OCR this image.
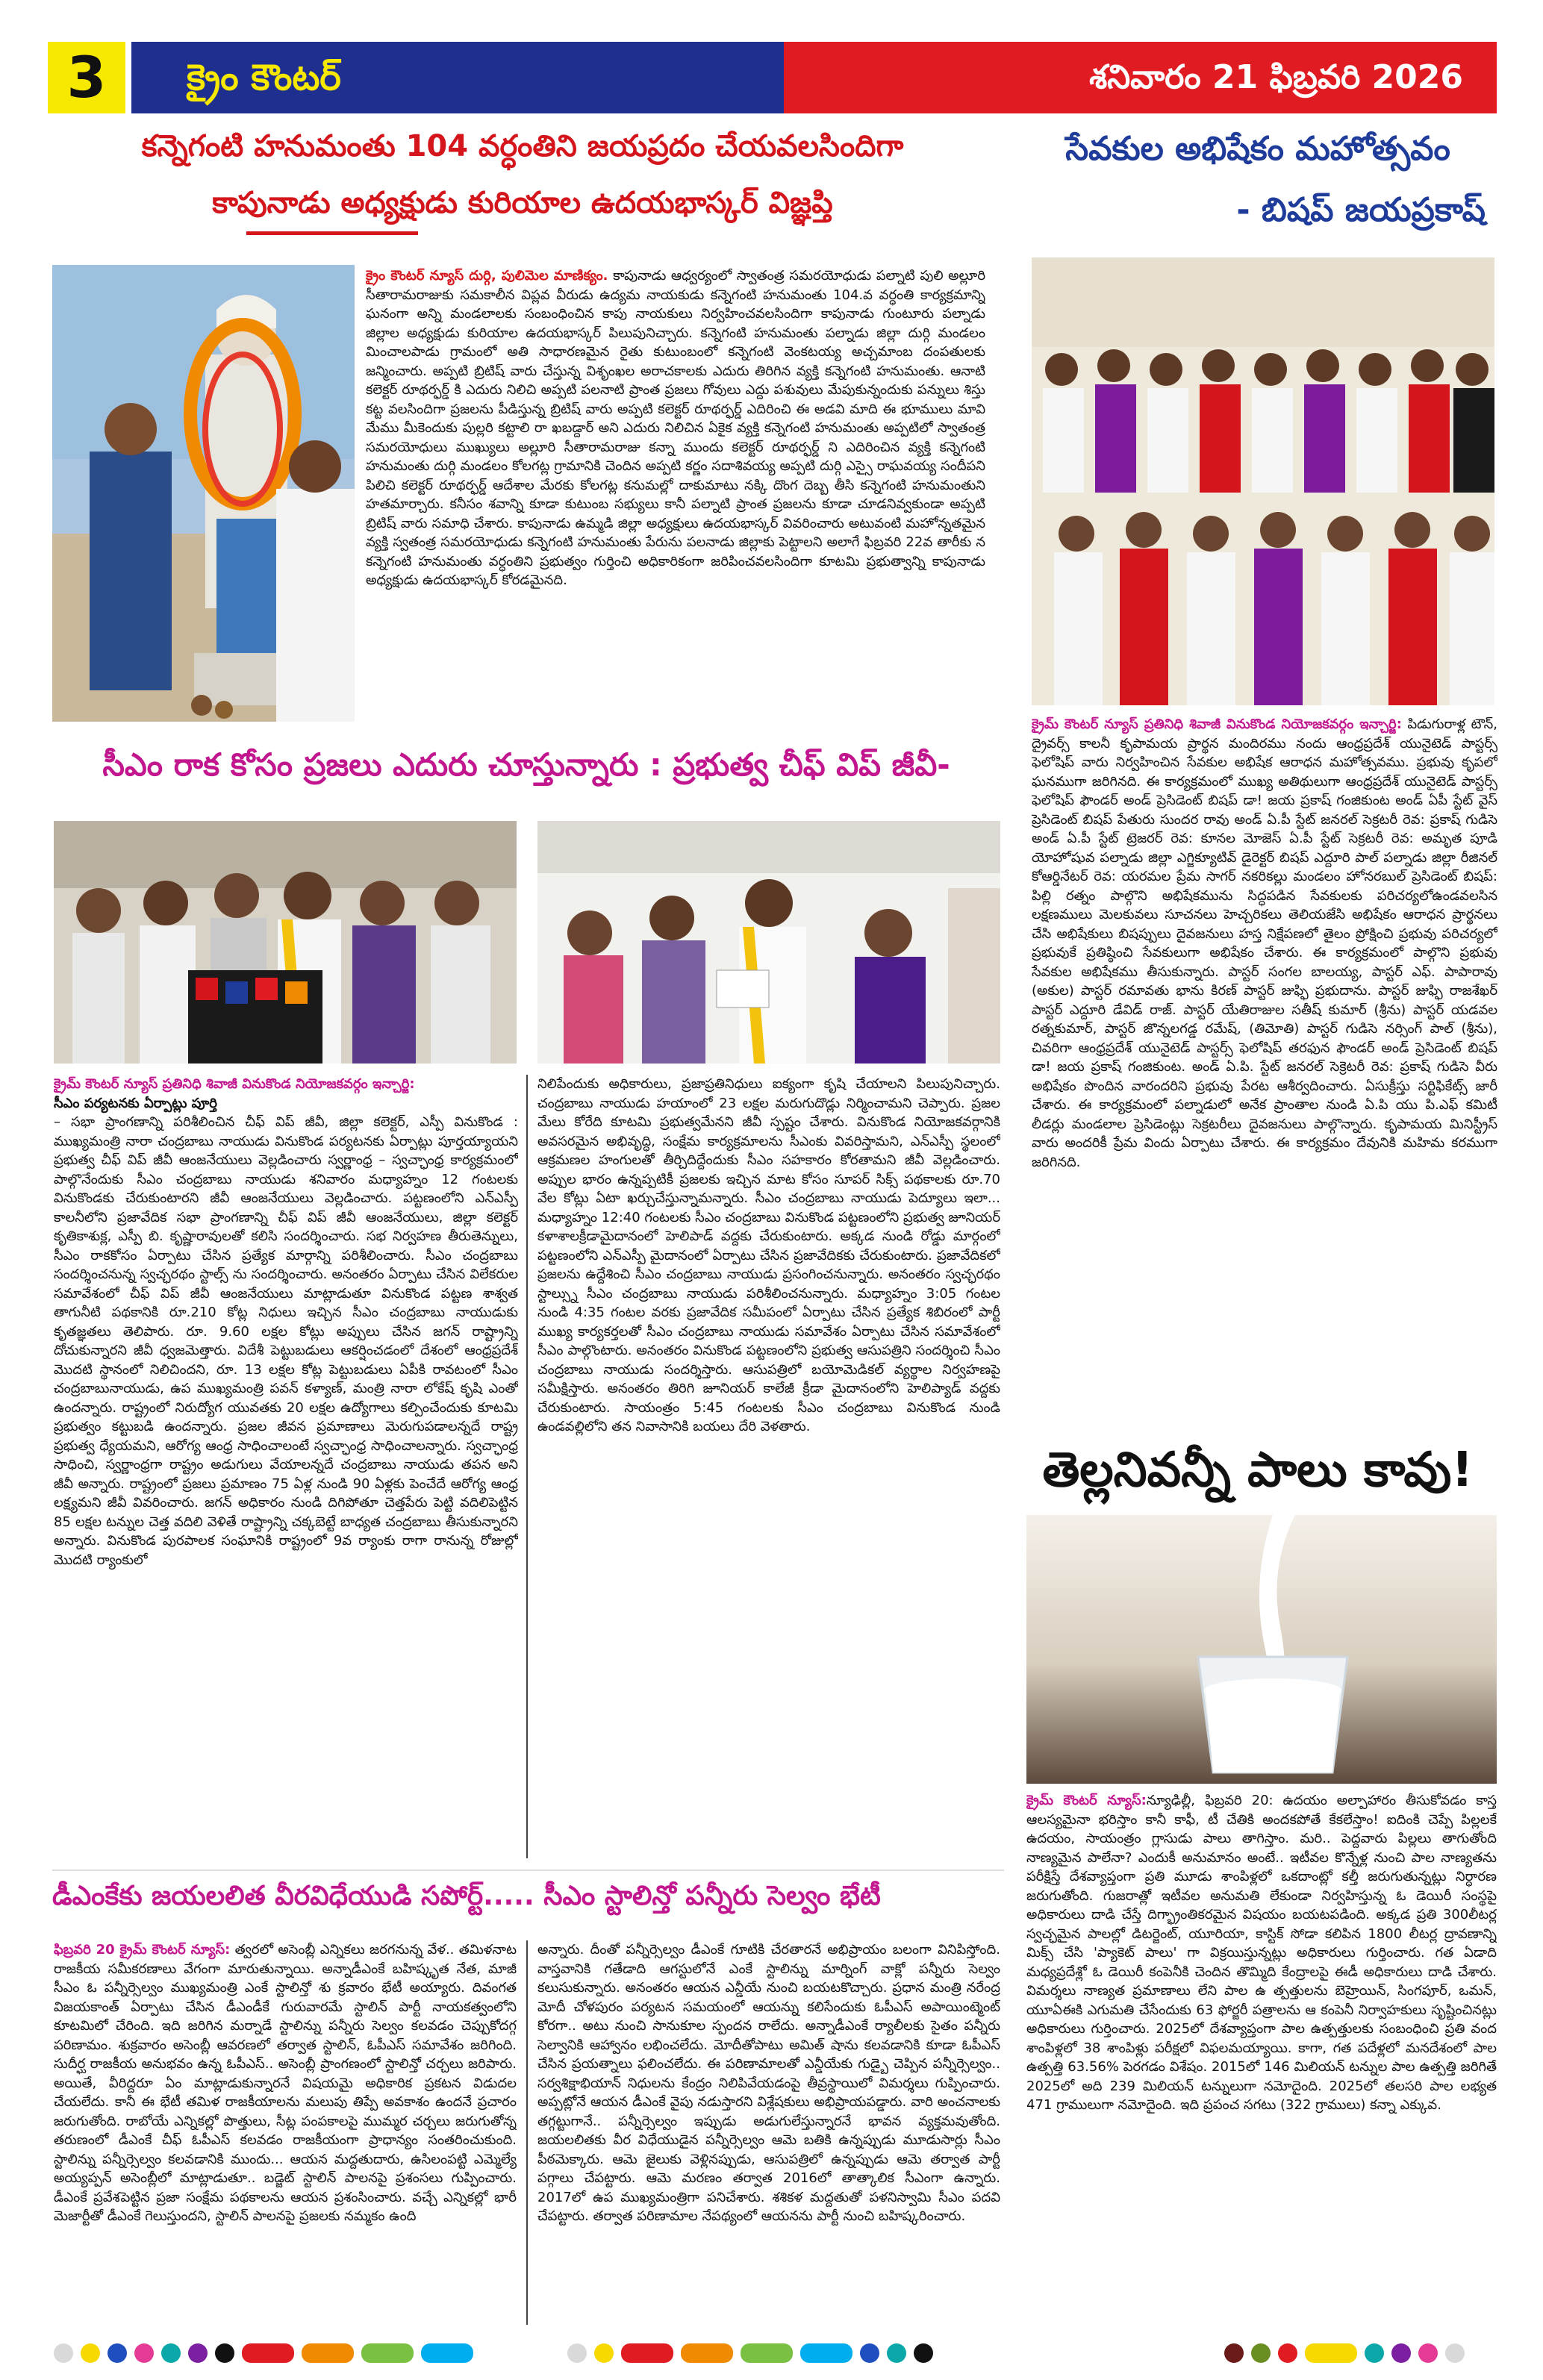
3	క్రైం కౌంటర్	శనివారం 21 ఫిబ్రవరి 2026
కన్నెగంటి హనుమంతు 104 వర్ధంతిని జయప్రదం చేయవలసిందిగా
కాపునాడు అధ్యక్షుడు కురియాల ఉదయభాస్కర్ విజ్ఞప్తి
క్రైం కౌంటర్ న్యూస్ దుర్గి, పులిమెల మాణిక్యం. కాపునాడు ఆధ్వర్యంలో స్వాతంత్ర సమరయోధుడు పల్నాటి పులి అల్లూరి సీతారామరాజుకు సమకాలీన విప్లవ వీరుడు ఉద్యమ నాయకుడు కన్నెగంటి హనుమంతు 104.వ వర్ధంతి కార్యక్రమాన్ని ఘనంగా అన్ని మండలాలకు సంబంధించిన కాపు నాయకులు నిర్వహించవలసిందిగా కాపునాడు గుంటూరు పల్నాడు జిల్లాల అధ్యక్షుడు కురియాల ఉదయభాస్కర్ పిలుపునిచ్చారు. కన్నెగంటి హనుమంతు పల్నాడు జిల్లా దుర్గి మండలం మించాలపాడు గ్రామంలో అతి సాధారణమైన రైతు కుటుంబంలో కన్నెగంటి వెంకటయ్య అచ్చమాంబ దంపతులకు జన్మించారు. అప్పటి బ్రిటిష్ వారు చేస్తున్న విశృంఖల అరాచకాలకు ఎదురు తిరిగిన వ్యక్తి కన్నెగంటి హనుమంతు. ఆనాటి కలెక్టర్ రూథర్ఫర్డ్ కి ఎదురు నిలిచి అప్పటి పలనాటి ప్రాంత ప్రజలు గోవులు ఎద్దు పశువులు మేపుకున్నందుకు పన్నులు శిస్తు కట్ట వలసిందిగా ప్రజలను పీడిస్తున్న బ్రిటిష్ వారు అప్పటి కలెక్టర్ రూథర్ఫర్డ్ ఎదిరించి ఈ అడవి మాది ఈ భూములు మావి మేము మీకెందుకు పుల్లరి కట్టాలి రా ఖబడ్దార్ అని ఎదురు నిలిచిన ఏకైక వ్యక్తి కన్నెగంటి హనుమంతు అప్పటిలో స్వాతంత్ర సమరయోధులు ముఖ్యులు అల్లూరి సీతారామరాజు కన్నా ముందు కలెక్టర్ రూథర్ఫర్డ్ ని ఎదిరించిన వ్యక్తి కన్నెగంటి హనుమంతు దుర్గి మండలం కోలగట్ల గ్రామానికి చెందిన అప్పటి కర్ణం సదాశివయ్య అప్పటి దుర్గి ఎస్సై రాఘవయ్య సందీపని పిలిచి కలెక్టర్ రూథర్ఫర్డ్ ఆదేశాల మేరకు కోలగట్ల కనుమల్లో దాకుమాటు నక్కి దొంగ దెబ్బ తీసి కన్నెగంటి హనుమంతుని హతమార్చారు. కనీసం శవాన్ని కూడా కుటుంబ సభ్యులు కానీ పల్నాటి ప్రాంత ప్రజలను కూడా చూడనివ్వకుండా అప్పటి బ్రిటిష్ వారు సమాధి చేశారు. కాపునాడు ఉమ్మడి జిల్లా అధ్యక్షులు ఉదయభాస్కర్ వివరించారు అటువంటి మహోన్నతమైన వ్యక్తి స్వతంత్ర సమరయోధుడు కన్నెగంటి హనుమంతు పేరును పలనాడు జిల్లాకు పెట్టాలని అలాగే ఫిబ్రవరి 22వ తారీకు న కన్నెగంటి హనుమంతు వర్ధంతిని ప్రభుత్వం గుర్తించి అధికారికంగా జరిపించవలసిందిగా కూటమి ప్రభుత్వాన్ని కాపునాడు అధ్యక్షుడు ఉదయభాస్కర్ కోరడమైనది.
సీఎం రాక కోసం ప్రజలు ఎదురు చూస్తున్నారు : ప్రభుత్వ చీఫ్ విప్ జీవీ-
క్రైమ్ కౌంటర్ న్యూస్ ప్రతినిధి శివాజీ వినుకొండ నియోజకవర్గం ఇన్చార్జి:
సీఎం పర్యటనకు ఏర్పాట్లు పూర్తి
– సభా ప్రాంగణాన్ని పరిశీలించిన చీఫ్ విప్ జీవీ, జిల్లా కలెక్టర్, ఎస్పీ వినుకొండ : ముఖ్యమంత్రి నారా చంద్రబాబు నాయుడు వినుకొండ పర్యటనకు ఏర్పాట్లు పూర్తయ్యాయని ప్రభుత్వ చీఫ్ విప్ జీవీ ఆంజనేయులు వెల్లడించారు స్వర్ణాంధ్ర – స్వచ్ఛాంధ్ర కార్యక్రమంలో పాల్గొనేందుకు సీఎం చంద్రబాబు నాయుడు శనివారం మధ్యాహ్నం 12 గంటలకు వినుకొండకు చేరుకుంటారని జీవీ ఆంజనేయులు వెల్లడించారు. పట్టణంలోని ఎన్ఎస్పీ కాలనీలోని ప్రజావేదిక సభా ప్రాంగణాన్ని చీఫ్ విప్ జీవీ ఆంజనేయులు, జిల్లా కలెక్టర్ కృతికాశుక్ల, ఎస్పీ బి. కృష్ణారావులతో కలిసి సందర్శించారు. సభ నిర్వహణ తీరుతెన్నులు, సీఎం రాకకోసం ఏర్పాటు చేసిన ప్రత్యేక మార్గాన్ని పరిశీలించారు. సీఎం చంద్రబాబు సందర్శించనున్న స్వచ్ఛరథం స్టాల్స్ ను సందర్శించారు. అనంతరం ఏర్పాటు చేసిన విలేకరుల సమావేశంలో చీఫ్ విప్ జీవీ ఆంజనేయులు మాట్లాడుతూ వినుకొండ పట్టణ శాశ్వత తాగునీటి పథకానికి రూ.210 కోట్ల నిధులు ఇచ్చిన సీఎం చంద్రబాబు నాయుడుకు కృతజ్ఞతలు తెలిపారు. రూ. 9.60 లక్షల కోట్లు అప్పులు చేసిన జగన్ రాష్ట్రాన్ని దోచుకున్నారని జీవీ ధ్వజమెత్తారు. విదేశీ పెట్టుబడులు ఆకర్షించడంలో దేశంలో ఆంధ్రప్రదేశ్ మొదటి స్థానంలో నిలిచిందని, రూ. 13 లక్షల కోట్ల పెట్టుబడులు ఏపీకి రావటంలో సీఎం చంద్రబాబునాయుడు, ఉప ముఖ్యమంత్రి పవన్ కళ్యాణ్, మంత్రి నారా లోకేష్ కృషి ఎంతో ఉందన్నారు. రాష్ట్రంలో నిరుద్యోగ యువతకు 20 లక్షల ఉద్యోగాలు కల్పించేందుకు కూటమి ప్రభుత్వం కట్టుబడి ఉందన్నారు. ప్రజల జీవన ప్రమాణాలు మెరుగుపడాలన్నదే రాష్ట్ర ప్రభుత్వ ధ్యేయమని, ఆరోగ్య ఆంధ్ర సాధించాలంటే స్వచ్ఛాంధ్ర సాధించాలన్నారు. స్వచ్ఛాంధ్ర సాధించి, స్వర్ణాంధ్రగా రాష్ట్రం అడుగులు వేయాలన్నదే చంద్రబాబు నాయుడు తపన అని జీవీ అన్నారు. రాష్ట్రంలో ప్రజలు ప్రమాణం 75 ఏళ్ల నుండి 90 ఏళ్లకు పెంచేదే ఆరోగ్య ఆంధ్ర లక్ష్యమని జీవీ వివరించారు. జగన్ అధికారం నుండి దిగిపోతూ చెత్తపేరు పెట్టి వదిలిపెట్టిన 85 లక్షల టన్నుల చెత్త వదిలి వెళితే రాష్ట్రాన్ని చక్కబెట్టే బాధ్యత చంద్రబాబు తీసుకున్నారని అన్నారు. వినుకొండ పురపాలక సంఘానికి రాష్ట్రంలో 9వ ర్యాంకు రాగా రానున్న రోజుల్లో మొదటి ర్యాంకులో
నిలిపేందుకు అధికారులు, ప్రజాప్రతినిధులు ఐక్యంగా కృషి చేయాలని పిలుపునిచ్చారు. చంద్రబాబు నాయుడు హయాంలో 23 లక్షల మరుగుదొడ్లు నిర్మించామని చెప్పారు. ప్రజల మేలు కోరేది కూటమి ప్రభుత్వమేనని జీవీ స్పష్టం చేశారు. వినుకొండ నియోజకవర్గానికి అవసరమైన అభివృద్ధి, సంక్షేమ కార్యక్రమాలను సీఎంకు వివరిస్తామని, ఎన్ఎస్పీ స్థలంలో ఆక్రమణల హంగులతో తీర్చిదిద్దేందుకు సీఎం సహకారం కోరతామని జీవీ వెల్లడించారు. అప్పుల భారం ఉన్నప్పటికీ ప్రజలకు ఇచ్చిన మాట కోసం సూపర్ సిక్స్ పథకాలకు రూ.70 వేల కోట్లు ఏటా ఖర్చుచేస్తున్నామన్నారు. సీఎం చంద్రబాబు నాయుడు పెద్యూలు ఇలా... మధ్యాహ్నం 12:40 గంటలకు సీఎం చంద్రబాబు వినుకొండ పట్టణంలోని ప్రభుత్వ జూనియర్ కళాశాలక్రీడామైదానంలో హెలిపాడ్ వద్దకు చేరుకుంటారు. అక్కడ నుండి రోడ్డు మార్గంలో పట్టణంలోని ఎన్ఎస్పీ మైదానంలో ఏర్పాటు చేసిన ప్రజావేదికకు చేరుకుంటారు. ప్రజావేదికలో ప్రజలను ఉద్దేశించి సీఎం చంద్రబాబు నాయుడు ప్రసంగించనున్నారు. అనంతరం స్వచ్ఛరథం స్టాల్స్ను సీఎం చంద్రబాబు నాయుడు పరిశీలించనున్నారు. మధ్యాహ్నం 3:05 గంటల నుండి 4:35 గంటల వరకు ప్రజావేదిక సమీపంలో ఏర్పాటు చేసిన ప్రత్యేక శిబిరంలో పార్టీ ముఖ్య కార్యకర్తలతో సీఎం చంద్రబాబు నాయుడు సమావేశం ఏర్పాటు చేసిన సమావేశంలో సీఎం పాల్గొంటారు. అనంతరం వినుకొండ పట్టణంలోని ప్రభుత్వ ఆసుపత్రిని సందర్శించి సీఎం చంద్రబాబు నాయుడు సందర్శిస్తారు. ఆసుపత్రిలో బయోమెడికల్ వ్యర్థాల నిర్వహణపై సమీక్షిస్తారు. అనంతరం తిరిగి జూనియర్ కాలేజీ క్రీడా మైదానంలోని హెలిప్యాడ్ వద్దకు చేరుకుంటారు. సాయంత్రం 5:45 గంటలకు సీఎం చంద్రబాబు వినుకొండ నుండి ఉండవల్లిలోని తన నివాసానికి బయలు దేరి వెళతారు.
సేవకుల అభిషేకం మహోత్సవం
- బిషప్ జయప్రకాష్
క్రైమ్ కౌంటర్ న్యూస్ ప్రతినిధి శివాజీ వినుకొండ నియోజకవర్గం ఇన్చార్జి: పిడుగురాళ్ల టౌన్, ద్రైవర్స్ కాలనీ కృపామయ ప్రార్థన మందిరము నందు ఆంధ్రప్రదేశ్ యునైటెడ్ పాస్టర్స్ ఫెలోషిప్ వారు నిర్వహించిన సేవకుల అభిషేక ఆరాధన మహోత్సవము. ప్రభువు కృపలో ఘనముగా జరిగినది. ఈ కార్యక్రమంలో ముఖ్య అతిథులుగా ఆంధ్రప్రదేశ్ యునైటెడ్ పాస్టర్స్ ఫెలోషిప్ ఫౌండర్ అండ్ ప్రెసిడెంట్ బిషప్ డా! జయ ప్రకాష్ గంజికుంట అండ్ ఏపీ స్టేట్ వైస్ ప్రెసిడెంట్ బిషప్ పేతురు సుందర రావు అండ్ ఏ.పీ స్టేట్ జనరల్ సెక్రటరీ రెవ: ప్రకాష్ గుడిసె అండ్ ఏ.పీ స్టేట్ ట్రెజరర్ రెవ: కూనల మోజెస్ ఏ.పీ స్టేట్ సెక్రటరీ రెవ: అమృత పూడి యోహోషువ పల్నాడు జిల్లా ఎగ్జిక్యూటివ్ డైరెక్టర్ బిషప్ ఎద్దూరి పాల్ పల్నాడు జిల్లా రీజినల్ కోఆర్డినేటర్ రెవ: యరమల ప్రేమ సాగర్ నకరికల్లు మండలం హోనరబుల్ ప్రెసిడెంట్ బిషప్: పిల్లి రత్నం పాల్గొని అభిషేకమును సిద్ధపడిన సేవకులకు పరిచర్యలోఉండవలసిన లక్షణములు మెలకువలు సూచనలు హెచ్చరికలు తెలియజేసి అభిషేకం ఆరాధన ప్రార్థనలు చేసి అభిషేకులు బిషప్పులు దైవజనులు హస్త నిక్షేపణలో తైలం ప్రోక్షించి ప్రభువు పరిచర్యలో ప్రభువుకే ప్రతిష్ఠించి సేవకులుగా అభిషేకం చేశారు. ఈ కార్యక్రమంలో పాల్గొని ప్రభువు సేవకుల అభిషేకము తీసుకున్నారు. పాస్టర్ సంగల బాలయ్య, పాస్టర్ ఎఫ్. పాపారావు (అకుల) పాస్టర్ రమావతు భాను కిరణ్ పాస్టర్ జుఫ్ఫి ప్రభుదాను. పాస్టర్ జుఫ్ఫి రాజశేఖర్ పాస్టర్ ఎద్దూరి డేవిడ్ రాజ్. పాస్టర్ యేతిరాజుల సతీష్ కుమార్ (శ్రీను) పాస్టర్ యడవల రత్నకుమార్, పాస్టర్ జొన్నలగడ్డ రమేష్, (తిమోతి) పాస్టర్ గుడిసె నర్సింగ్ పాల్ (శ్రీను), చివరిగా ఆంధ్రప్రదేశ్ యునైటెడ్ పాస్టర్స్ ఫెలోషిప్ తరఫున ఫౌండర్ అండ్ ప్రెసిడెంట్ బిషప్ డా! జయ ప్రకాష్ గంజికుంట. అండ్ ఏ.పి. స్టేట్ జనరల్ సెక్రెటరీ రెవ: ప్రకాష్ గుడిసె వీరు అభిషేకం పొందిన వారందరిని ప్రభువు పేరట ఆశీర్వదించారు. ఏసుక్రీస్తు సర్టిఫికేట్స్ జారీ చేశారు. ఈ కార్యక్రమంలో పల్నాడులో అనేక ప్రాంతాల నుండి ఏ.పి యు పి.ఎఫ్ కమిటీ లీడర్లు మండలాల ప్రెసిడెంట్లు సెక్రటరీలు దైవజనులు పాల్గొన్నారు. కృపామయ మినిస్ట్రీస్ వారు అందరికీ ప్రేమ విందు ఏర్పాటు చేశారు. ఈ కార్యక్రమం దేవునికి మహిమ కరముగా జరిగినది.
తెల్లనివన్నీ పాలు కావు!
క్రైమ్ కౌంటర్ న్యూస్:న్యూఢిల్లీ, ఫిబ్రవరి 20: ఉదయం అల్పాహారం తీసుకోవడం కాస్త ఆలస్యమైనా భరిస్తాం కానీ కాఫీ, టీ చేతికి అందకపోతే కేకలేస్తాం! ఐదింకి చెప్పే పిల్లలకే ఉదయం, సాయంత్రం గ్లాసుడు పాలు తాగిస్తాం. మరి.. పెద్దవారు పిల్లలు తాగుతోంది నాణ్యమైన పాలేనా? ఎందుకీ అనుమానం అంటే.. ఇటీవల కొన్నేళ్ల నుంచి పాల నాణ్యతను పరీక్షిస్తే దేశవ్యాప్తంగా ప్రతి మూడు శాంపిళ్లలో ఒకదాంట్లో కల్తీ జరుగుతున్నట్లు నిర్ధారణ జరుగుతోంది. గుజరాత్లో ఇటీవల అనుమతి లేకుండా నిర్వహిస్తున్న ఓ డెయిరీ సంస్థపై అధికారులు దాడి చేస్తే దిగ్భ్రాంతికరమైన విషయం బయటపడింది. అక్కడ ప్రతి 300లీటర్ల స్వచ్ఛమైన పాలల్లో డిటర్జెంట్, యూరియా, కాస్టిక్ సోడా కలిపిన 1800 లీటర్ల ద్రావణాన్ని మిక్స్ చేసి 'ప్యాకెట్ పాలు' గా విక్రయిస్తున్నట్లు అధికారులు గుర్తించారు. గత ఏడాది మధ్యప్రదేశ్లో ఓ డెయిరీ కంపెనీకి చెందిన తొమ్మిది కేంద్రాలపై ఈడీ అధికారులు దాడి చేశారు. విమర్శలు నాణ్యత ప్రమాణాలు లేని పాల ఉ త్పత్తులను బెహ్రెయిన్, సింగపూర్, ఒమన్, యూఏఈకి ఎగుమతి చేసేందుకు 63 ఫోర్జరీ పత్రాలను ఆ కంపెనీ నిర్వాహకులు సృష్టించినట్లు అధికారులు గుర్తించారు. 2025లో దేశవ్యాప్తంగా పాల ఉత్పత్తులకు సంబంధించి ప్రతి వంద శాంపిళ్లలో 38 శాంపిళ్లు పరీక్షలో విఫలమయ్యాయి. కాగా, గత పదేళ్లలో మనదేశంలో పాల ఉత్పత్తి 63.56% పెరగడం విశేషం. 2015లో 146 మిలియన్ టన్నుల పాల ఉత్పత్తి జరిగితే 2025లో అది 239 మిలియన్ టన్నులుగా నమోదైంది. 2025లో తలసరి పాల లభ్యత 471 గ్రాములుగా నమోదైంది. ఇది ప్రపంచ సగటు (322 గ్రాములు) కన్నా ఎక్కువ.
డీఎంకేకు జయలలిత వీరవిధేయుడి సపోర్ట్..... సీఎం స్టాలిన్తో పన్నీరు సెల్వం భేటీ
ఫిబ్రవరి 20 క్రైమ్ కౌంటర్ న్యూస్: త్వరలో అసెంబ్లీ ఎన్నికలు జరగనున్న వేళ.. తమిళనాట రాజకీయ సమీకరణాలు వేగంగా మారుతున్నాయి. అన్నాడీఎంకే బహిష్కృత నేత, మాజీ సీఎం ఓ పన్నీర్సెల్వం ముఖ్యమంత్రి ఎంకే స్టాలిన్తో శు క్రవారం భేటీ అయ్యారు. దివంగత విజయకాంత్ ఏర్పాటు చేసిన డీఎండీకే గురువారమే స్టాలిన్ పార్టీ నాయకత్వంలోని కూటమిలో చేరింది. ఇది జరిగిన మర్నాడే స్టాలిన్ను పన్నీరు సెల్వం కలవడం చెప్పుకోదగ్గ పరిణామం. శుక్రవారం అసెంబ్లీ ఆవరణలో తర్వాత స్టాలిన్, ఓపీఎస్ సమావేశం జరిగింది. సుదీర్ఘ రాజకీయ అనుభవం ఉన్న ఓపీఎస్.. అసెంబ్లీ ప్రాంగణంలో స్టాలిన్తో చర్చలు జరిపారు. అయితే, వీరిద్దరూ ఏం మాట్లాడుకున్నారనే విషయమై అధికారిక ప్రకటన విడుదల చేయలేదు. కానీ ఈ భేటీ తమిళ రాజకీయాలను మలుపు తిప్పే అవకాశం ఉందనే ప్రచారం జరుగుతోంది. రాబోయే ఎన్నికల్లో పొత్తులు, సీట్ల పంపకాలపై ముమ్మర చర్చలు జరుగుతోన్న తరుణంలో డీఎంకే చీఫ్ ఓపీఎస్ కలవడం రాజకీయంగా ప్రాధాన్యం సంతరించుకుంది. స్టాలిన్ను పన్నీర్సెల్వం కలవడానికి ముందు... ఆయన మద్దతుదారు, ఉసిలంపట్టి ఎమ్మెల్యే అయ్యప్పన్ అసెంబ్లీలో మాట్లాడుతూ.. బడ్జెట్ స్టాలిన్ పాలనపై ప్రశంసలు గుప్పించారు. డీఎంకే ప్రవేశపెట్టిన ప్రజా సంక్షేమ పథకాలను ఆయన ప్రశంసించారు. వచ్చే ఎన్నికల్లో భారీ మెజార్టీతో డీఎంకే గెలుస్తుందని, స్టాలిన్ పాలనపై ప్రజలకు నమ్మకం ఉంది
అన్నారు. దీంతో పన్నీర్సెల్వం డీఎంకే గూటికి చేరతారనే అభిప్రాయం బలంగా వినిపిస్తోంది. వాస్తవానికి గతేడాది ఆగస్టులోనే ఎంకే స్టాలిన్ను మార్నింగ్ వాక్లో పన్నీరు సెల్వం కలుసుకున్నారు. అనంతరం ఆయన ఎన్డీయే నుంచి బయటకొచ్చారు. ప్రధాన మంత్రి నరేంద్ర మోదీ చోళపురం పర్యటన సమయంలో ఆయన్ను కలిసేందుకు ఓపీఎస్ అపాయింట్మెంట్ కోరగా.. అటు నుంచి సానుకూల స్పందన రాలేదు. అన్నాడీఎంకే ర్యాలీలకు సైతం పన్నీరు సెల్వానికి ఆహ్వానం లభించలేదు. మోదీతోపాటు అమిత్ షాను కలవడానికి కూడా ఓపీఎస్ చేసిన ప్రయత్నాలు ఫలించలేదు. ఈ పరిణామాలతో ఎన్డీయేకు గుడ్బై చెప్పిన పన్నీర్సెల్వం.. సర్వశిక్షాభియాన్ నిధులను కేంద్రం నిలిపివేయడంపై తీవ్రస్థాయిలో విమర్శలు గుప్పించారు. అప్పట్లోనే ఆయన డీఎంకే వైపు నడుస్తారని విశ్లేషకులు అభిప్రాయపడ్డారు. వారి అంచనాలకు తగ్గట్టుగానే.. పన్నీర్సెల్వం ఇప్పుడు అడుగులేస్తున్నారనే భావన వ్యక్తమవుతోంది. జయలలితకు వీర విధేయుడైన పన్నీర్సెల్వం ఆమె బతికి ఉన్నప్పుడు మూడుసార్లు సీఎం పీఠమెక్కారు. ఆమె జైలుకు వెళ్లినప్పుడు, ఆసుపత్రిలో ఉన్నప్పుడు ఆమె తర్వాత పార్టీ పగ్గాలు చేపట్టారు. ఆమె మరణం తర్వాత 2016లో తాత్కాలిక సీఎంగా ఉన్నారు. 2017లో ఉప ముఖ్యమంత్రిగా పనిచేశారు. శశికళ మద్దతుతో పళనిస్వామి సీఎం పదవి చేపట్టారు. తర్వాత పరిణామాల నేపథ్యంలో ఆయనను పార్టీ నుంచి బహిష్కరించారు.
